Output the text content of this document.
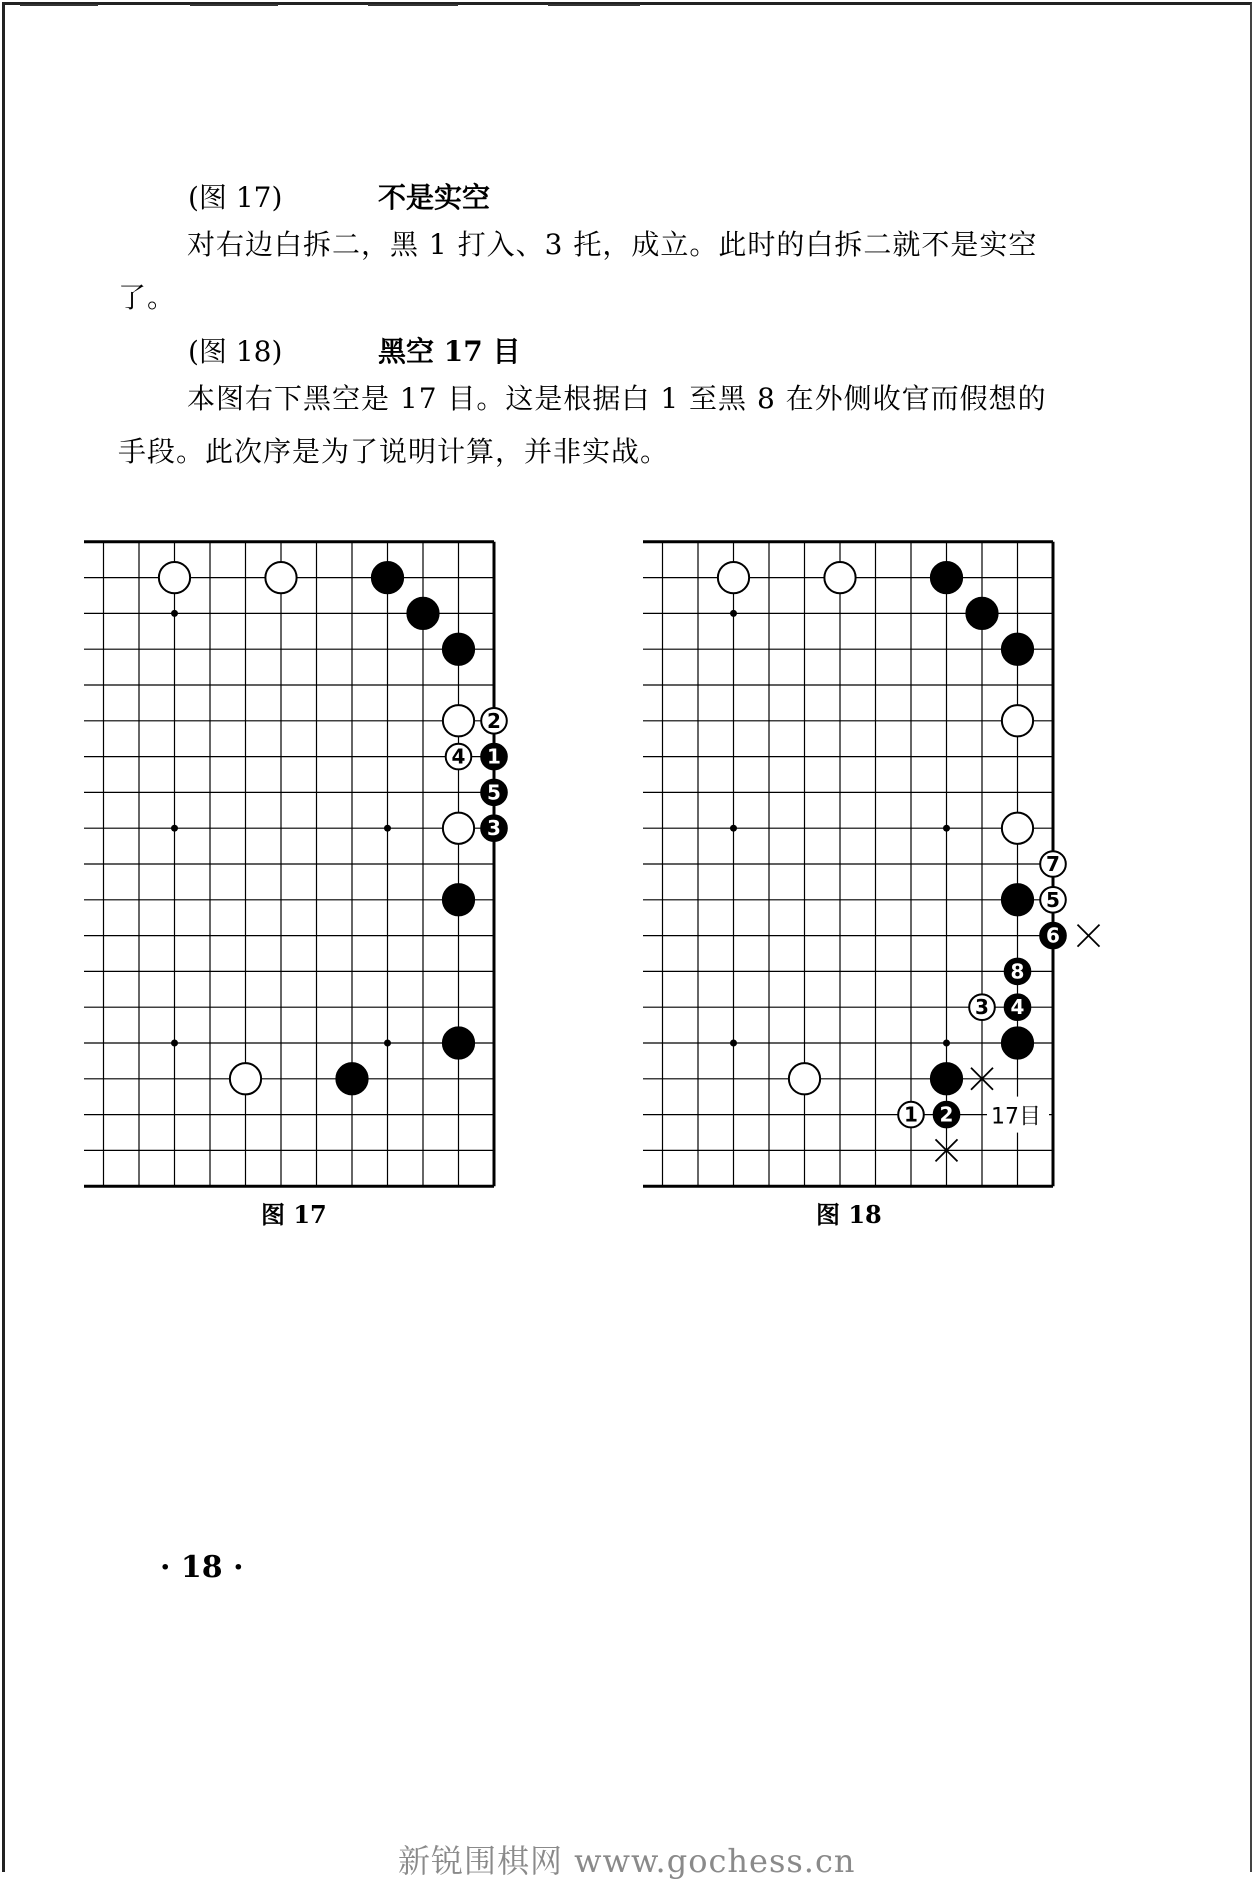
(图 17)	不是实空
对右边白拆二，黑 1 打入、3 托，成立。此时的白拆二就不是实空了。
(图 18)	黑空 17 目
本图右下黑空是 17 目。这是根据白 1 至黑 8 在外侧收官而假想的手段。此次序是为了说明计算，并非实战。
2
4 1
5
3
图 17
7
5
6
8
3 4
1 2 17目
图 18
· 18 ·
新锐围棋网 www.gochess.cn
